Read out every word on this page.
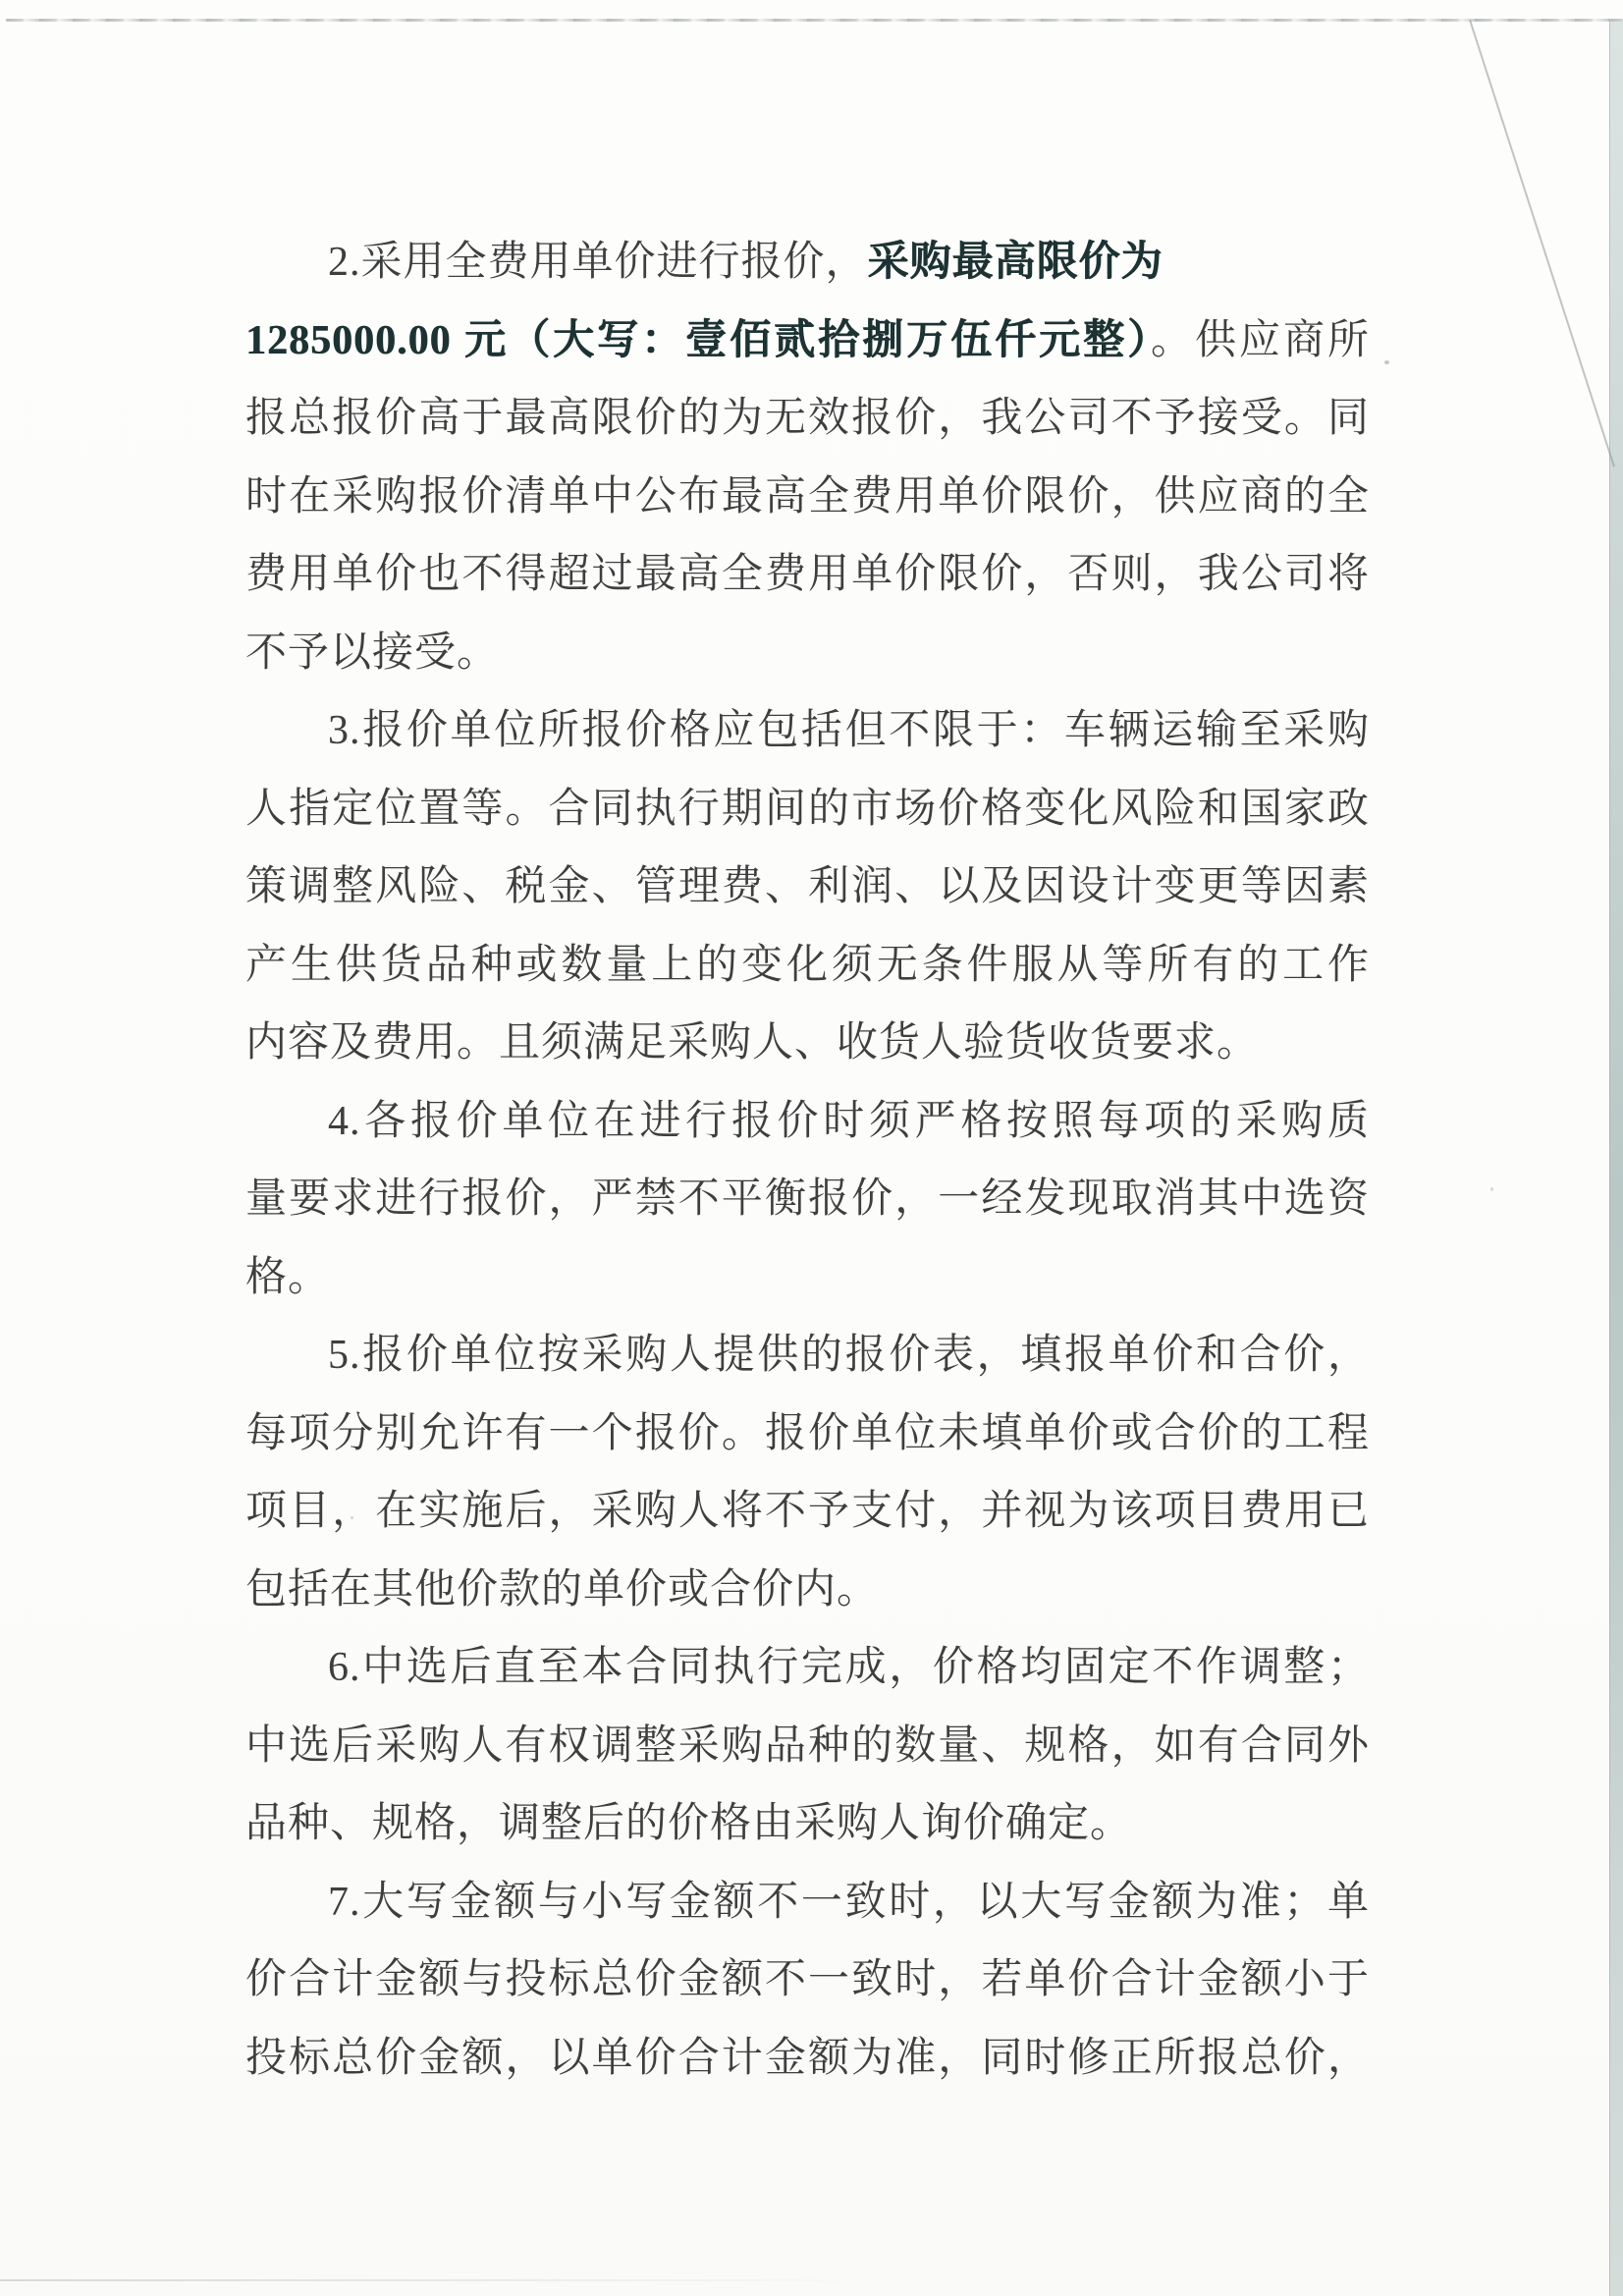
2.采用全费用单价进行报价，采购最高限价为
1285000.00 元（大写：壹佰贰拾捌万伍仟元整）。供应商所
报总报价高于最高限价的为无效报价，我公司不予接受。同
时在采购报价清单中公布最高全费用单价限价，供应商的全
费用单价也不得超过最高全费用单价限价，否则，我公司将
不予以接受。
3.报价单位所报价格应包括但不限于：车辆运输至采购
人指定位置等。合同执行期间的市场价格变化风险和国家政
策调整风险、税金、管理费、利润、以及因设计变更等因素
产生供货品种或数量上的变化须无条件服从等所有的工作
内容及费用。且须满足采购人、收货人验货收货要求。
4.各报价单位在进行报价时须严格按照每项的采购质
量要求进行报价，严禁不平衡报价，一经发现取消其中选资
格。
5.报价单位按采购人提供的报价表，填报单价和合价，
每项分别允许有一个报价。报价单位未填单价或合价的工程
项目，在实施后，采购人将不予支付，并视为该项目费用已
包括在其他价款的单价或合价内。
6.中选后直至本合同执行完成，价格均固定不作调整；
中选后采购人有权调整采购品种的数量、规格，如有合同外
品种、规格，调整后的价格由采购人询价确定。
7.大写金额与小写金额不一致时，以大写金额为准；单
价合计金额与投标总价金额不一致时，若单价合计金额小于
投标总价金额，以单价合计金额为准，同时修正所报总价，
